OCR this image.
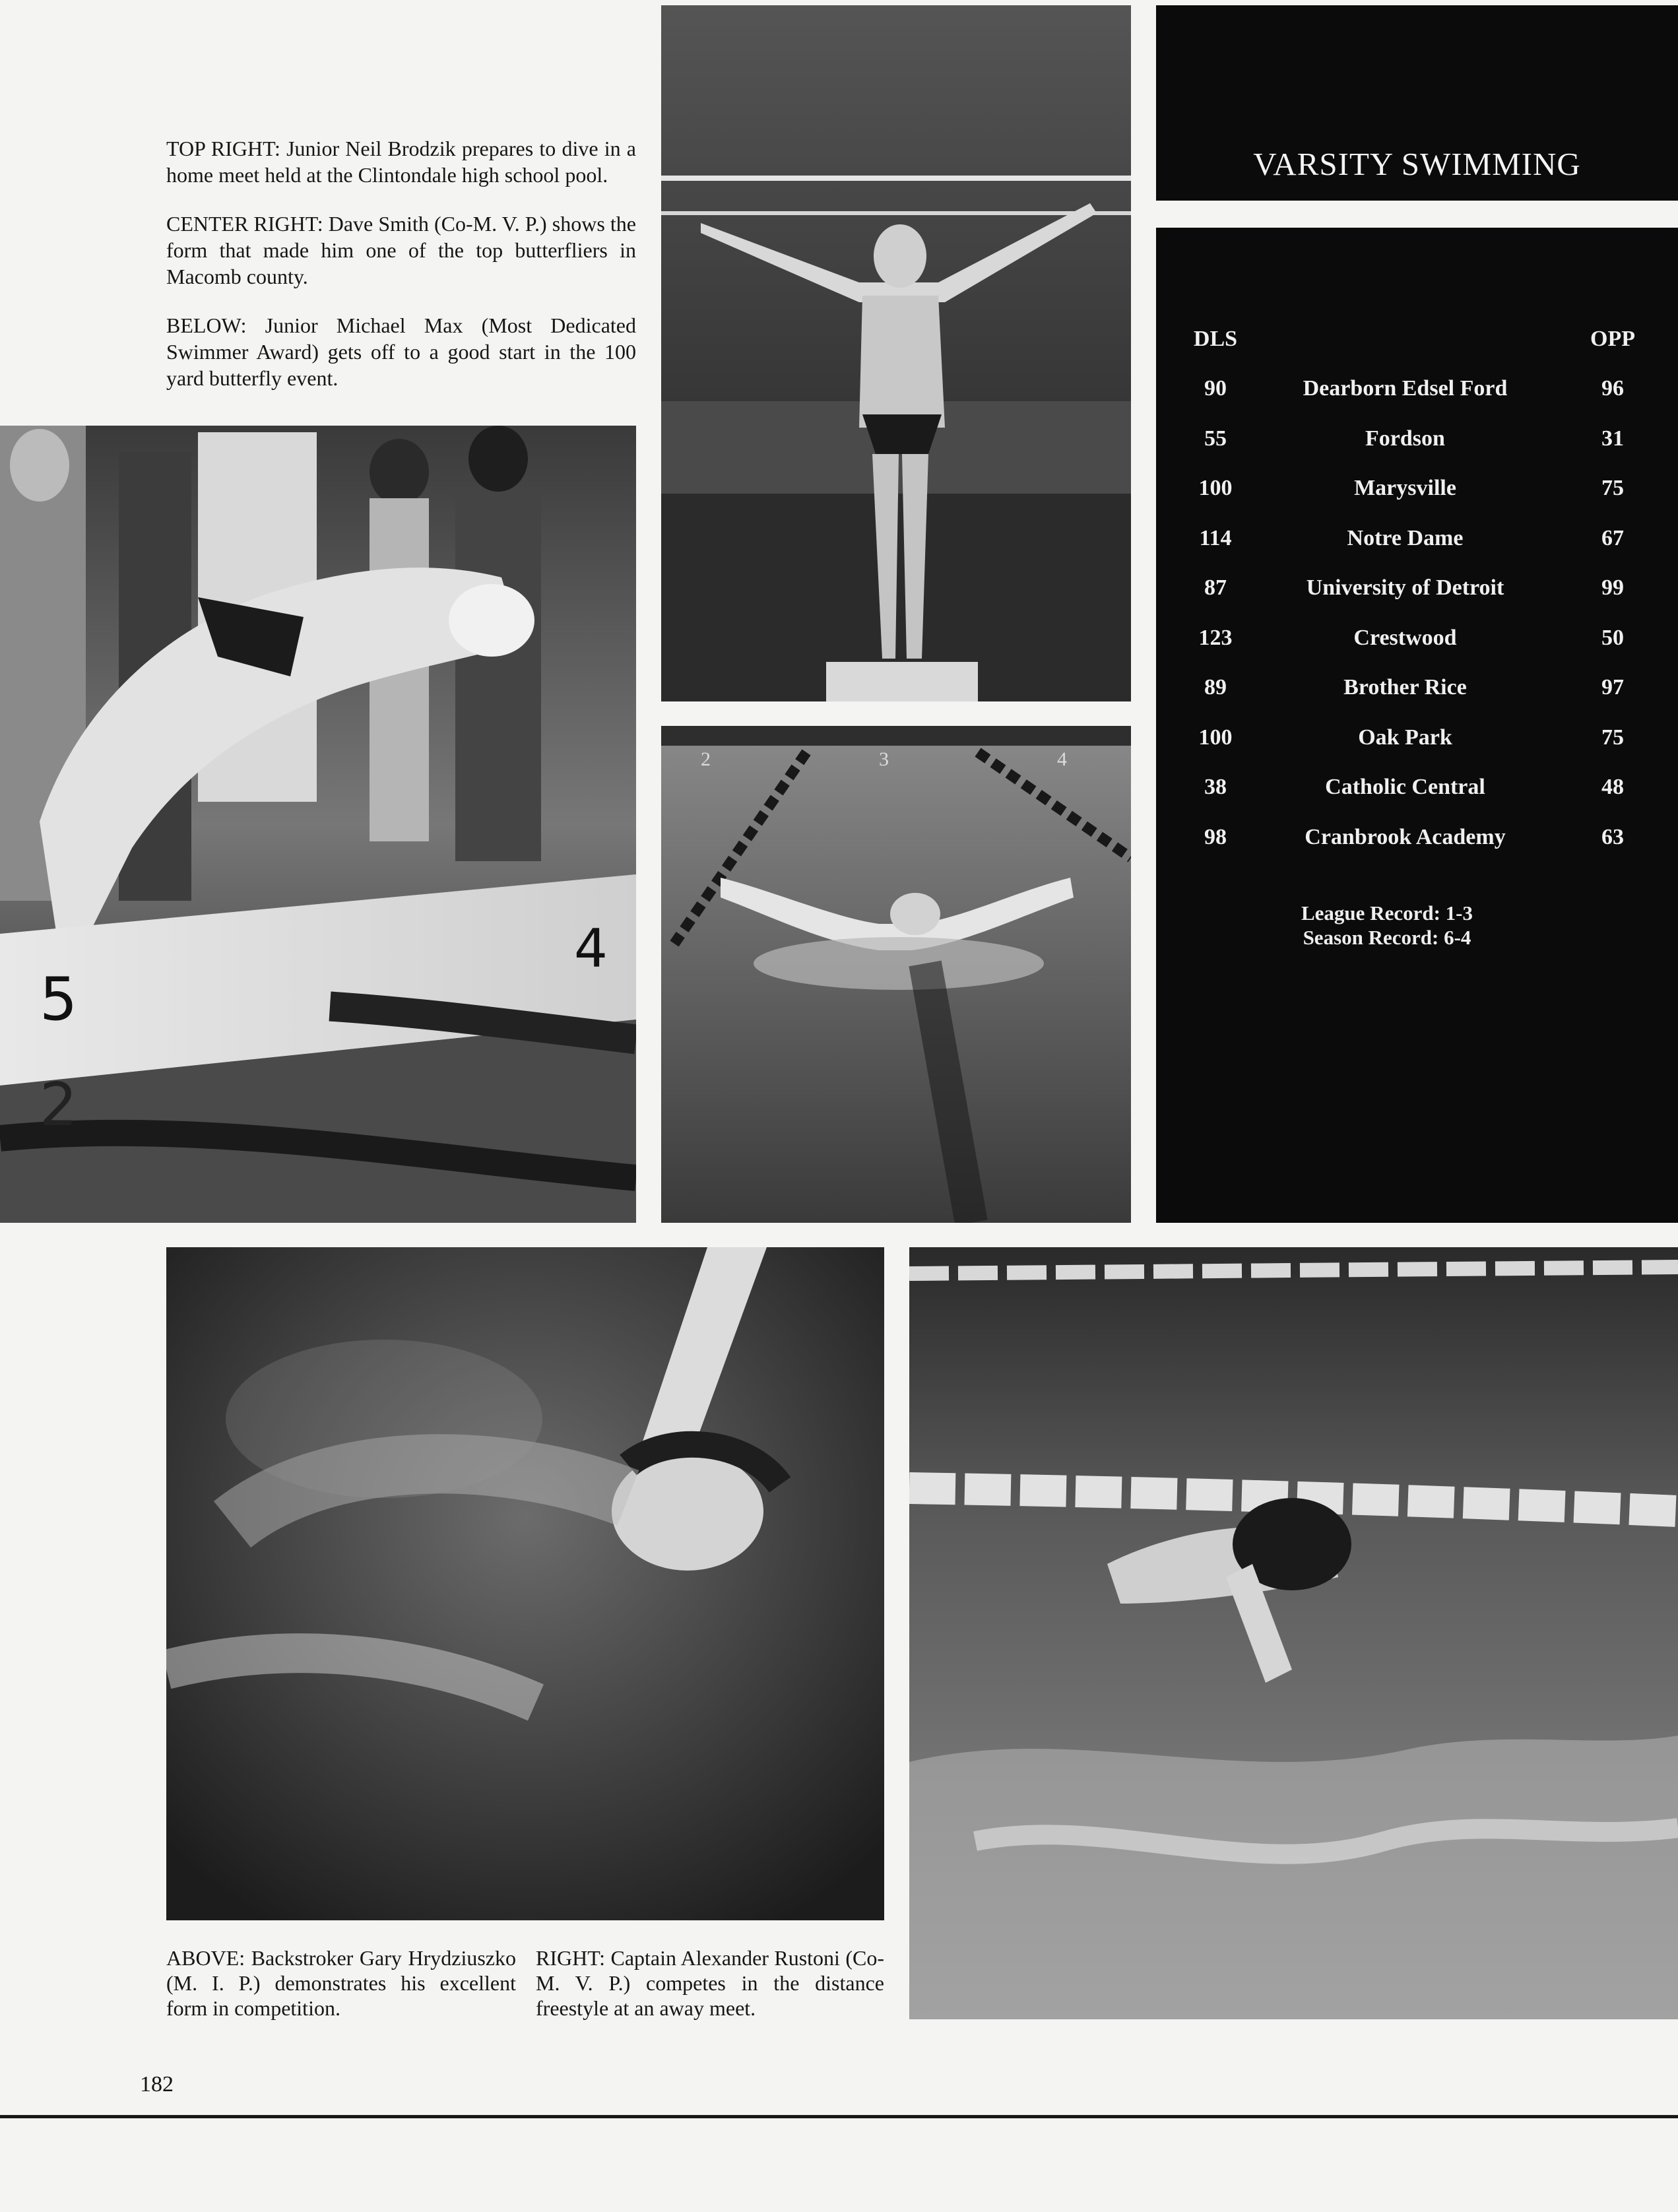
TOP RIGHT: Junior Neil Brodzik prepares to dive in a home meet held at the Clintondale high school pool.

CENTER RIGHT: Dave Smith (Co-M. V. P.) shows the form that made him one of the top butterfliers in Macomb county.

BELOW: Junior Michael Max (Most Dedicated Swimmer Award) gets off to a good start in the 100 yard butterfly event.

5
4
2
2	3	4
VARSITY SWIMMING
DLS	OPP
90	Dearborn Edsel Ford	96
55	Fordson	31
100	Marysville	75
114	Notre Dame	67
87	University of Detroit	99
123	Crestwood	50
89	Brother Rice	97
100	Oak Park	75
38	Catholic Central	48
98	Cranbrook Academy	63
League Record: 1-3
Season Record: 6-4
ABOVE: Backstroker Gary Hrydziuszko (M. I. P.) demonstrates his excellent form in competition.
RIGHT: Captain Alexander Rustoni (Co-M. V. P.) competes in the distance freestyle at an away meet.
182
